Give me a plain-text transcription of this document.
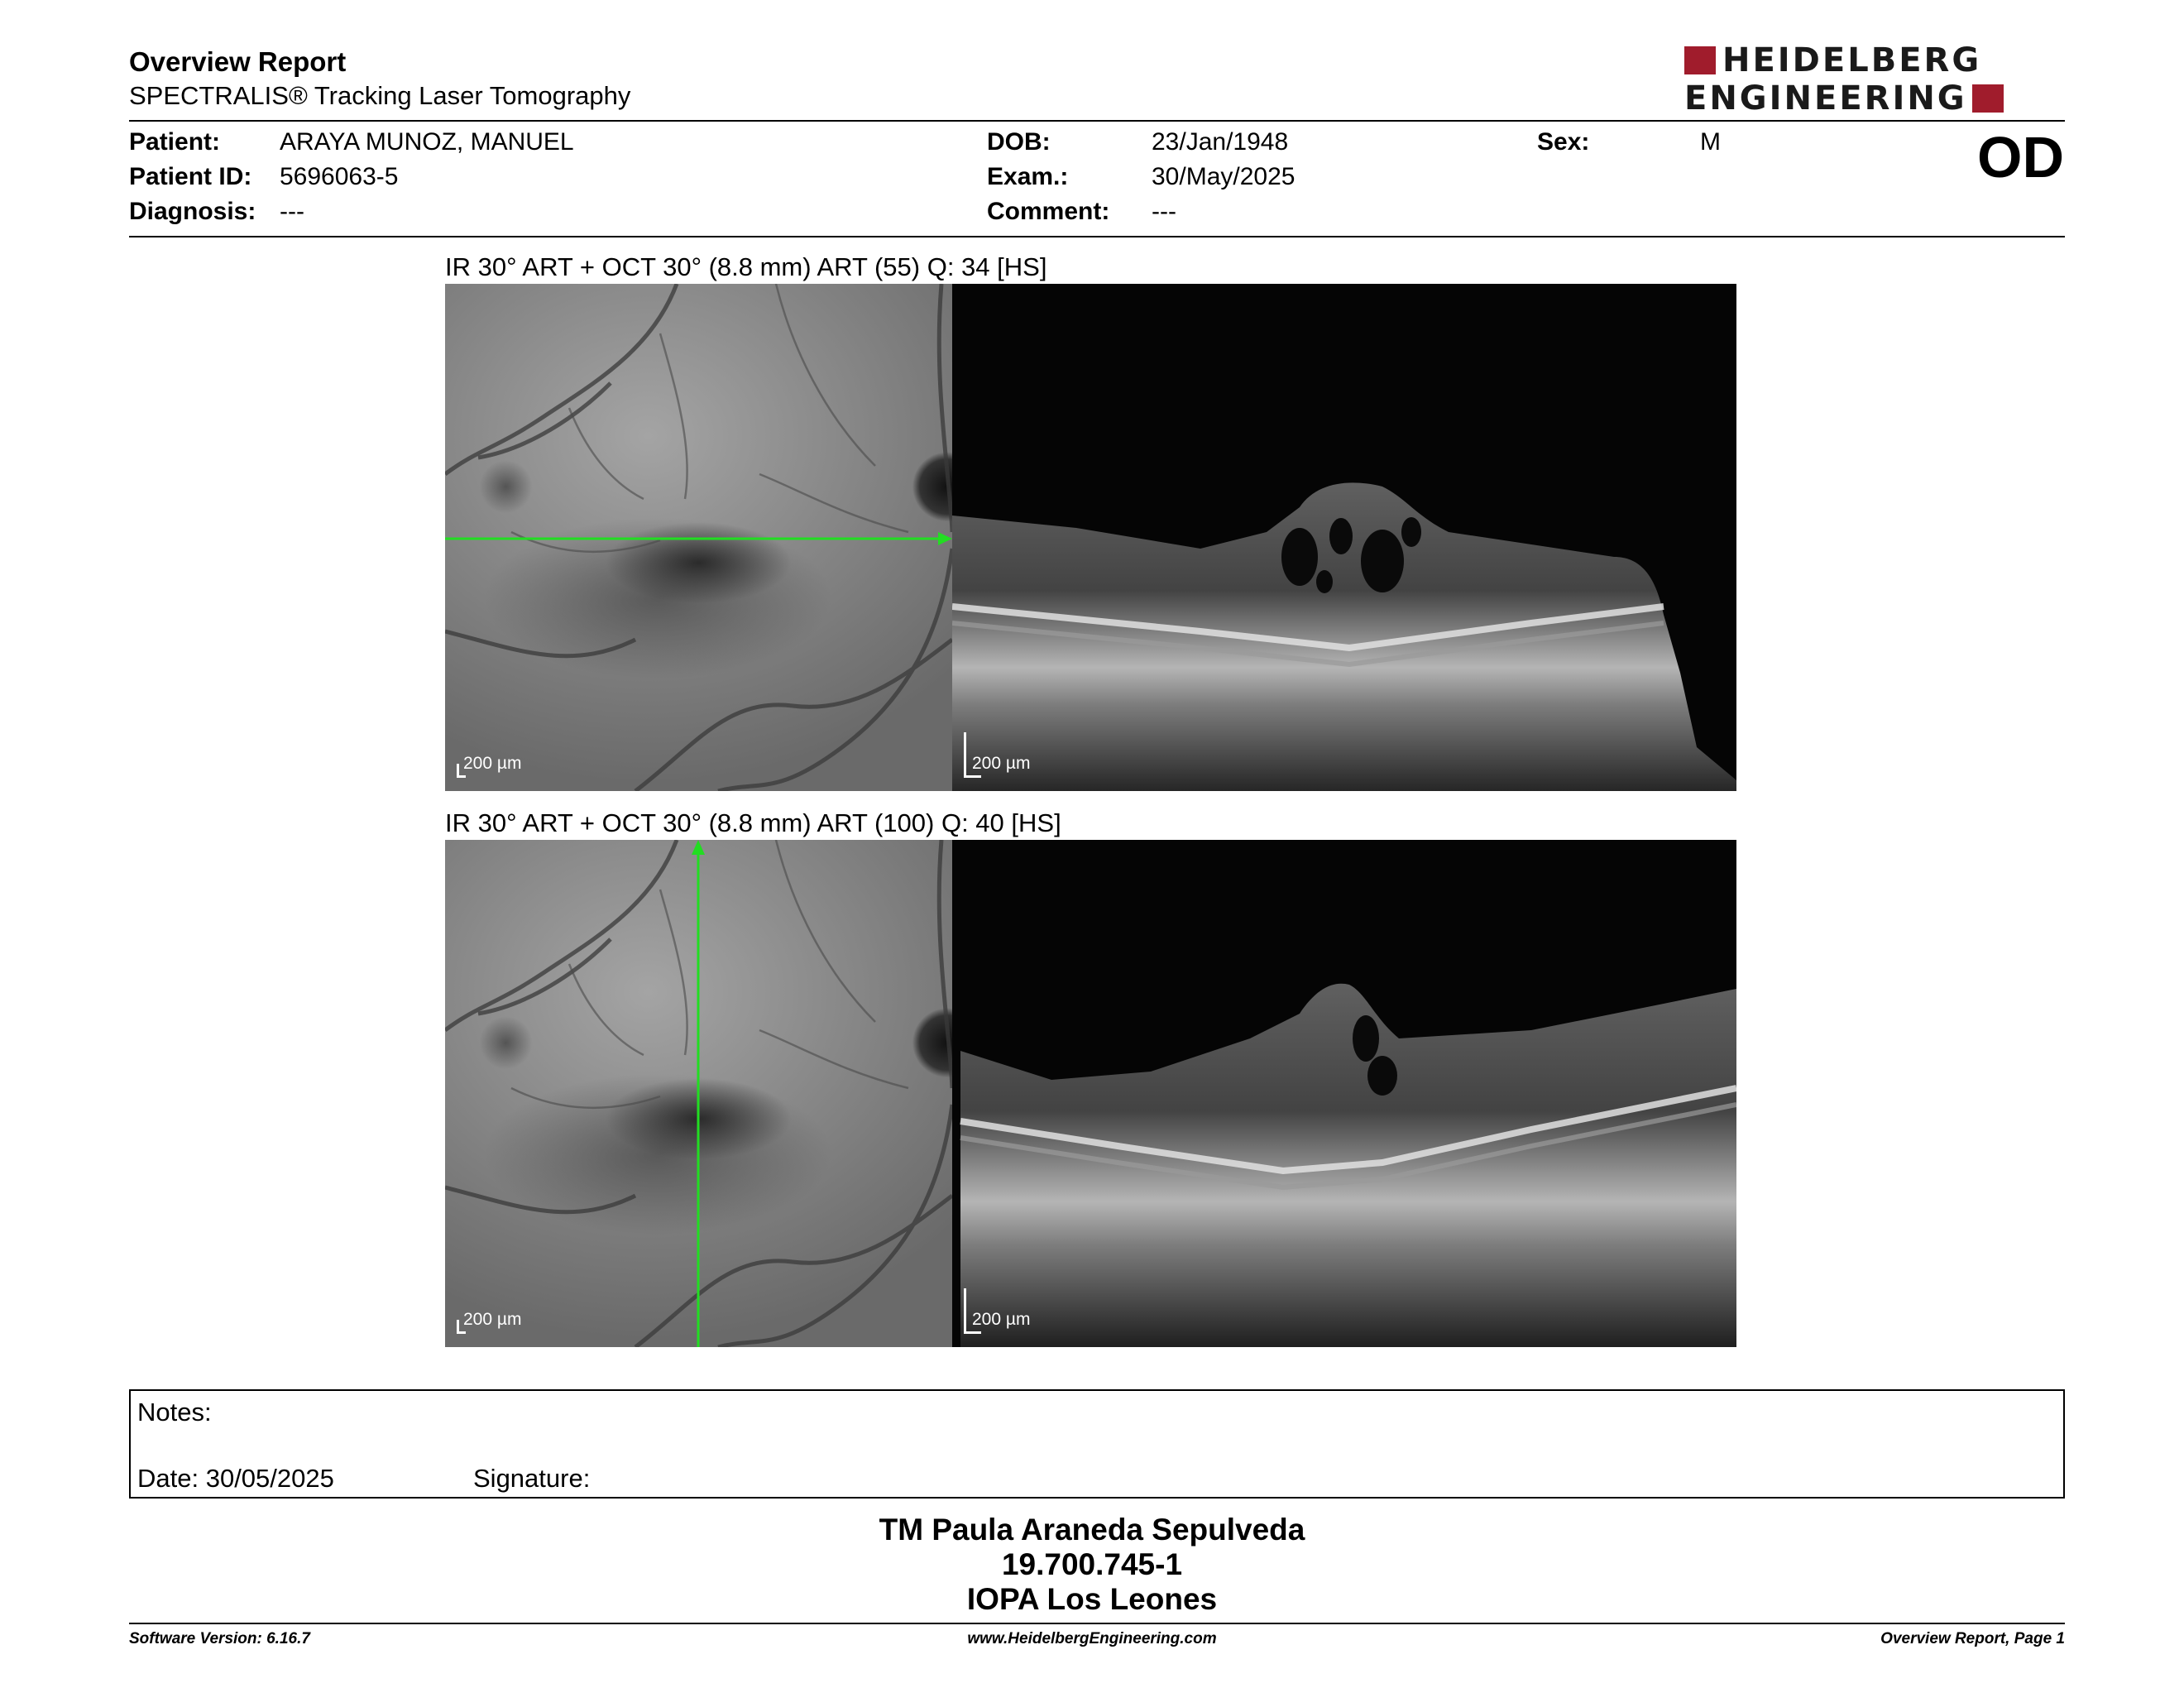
Overview Report
SPECTRALIS® Tracking Laser Tomography
HEIDELBERG
ENGINEERING
Patient: ARAYA MUNOZ, MANUEL
Patient ID: 5696063-5
Diagnosis: ---
DOB:	23/Jan/1948
Exam.:	30/May/2025
Comment: ---
Sex:	M	OD
IR 30° ART + OCT 30° (8.8 mm) ART (55) Q: 34 [HS]
200 µm	200 µm
IR 30° ART + OCT 30° (8.8 mm) ART (100) Q: 40 [HS]
200 µm	200 µm
Notes:
Date: 30/05/2025	Signature:
TM Paula Araneda Sepulveda
19.700.745-1
IOPA Los Leones
Software Version: 6.16.7	www.HeidelbergEngineering.com	Overview Report, Page 1
